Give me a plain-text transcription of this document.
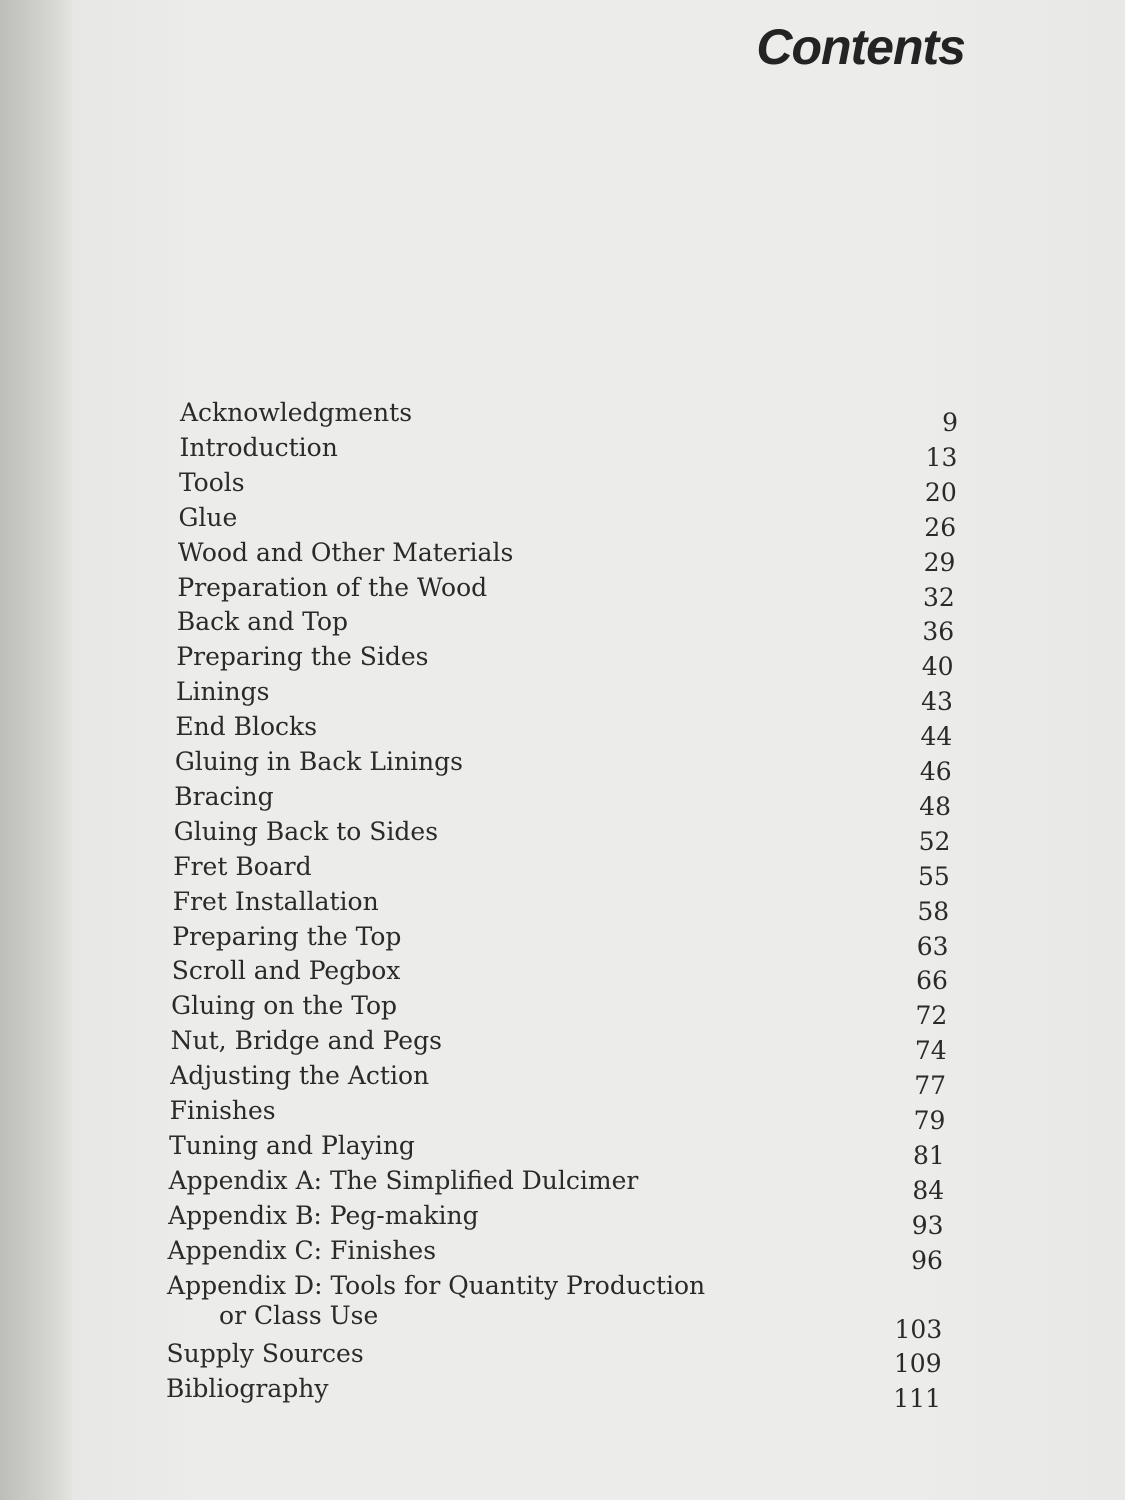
Contents
Acknowledgments	9
Introduction	13
Tools	20
Glue	26
Wood and Other Materials	29
Preparation of the Wood	32
Back and Top	36
Preparing the Sides	40
Linings	43
End Blocks	44
Gluing in Back Linings	46
Bracing	48
Gluing Back to Sides	52
Fret Board	55
Fret Installation	58
Preparing the Top	63
Scroll and Pegbox	66
Gluing on the Top	72
Nut, Bridge and Pegs	74
Adjusting the Action	77
Finishes	79
Tuning and Playing	81
Appendix A: The Simplified Dulcimer	84
Appendix B: Peg-making	93
Appendix C: Finishes	96
Appendix D: Tools for Quantity Production
or Class Use	103
Supply Sources	109
Bibliography	111
